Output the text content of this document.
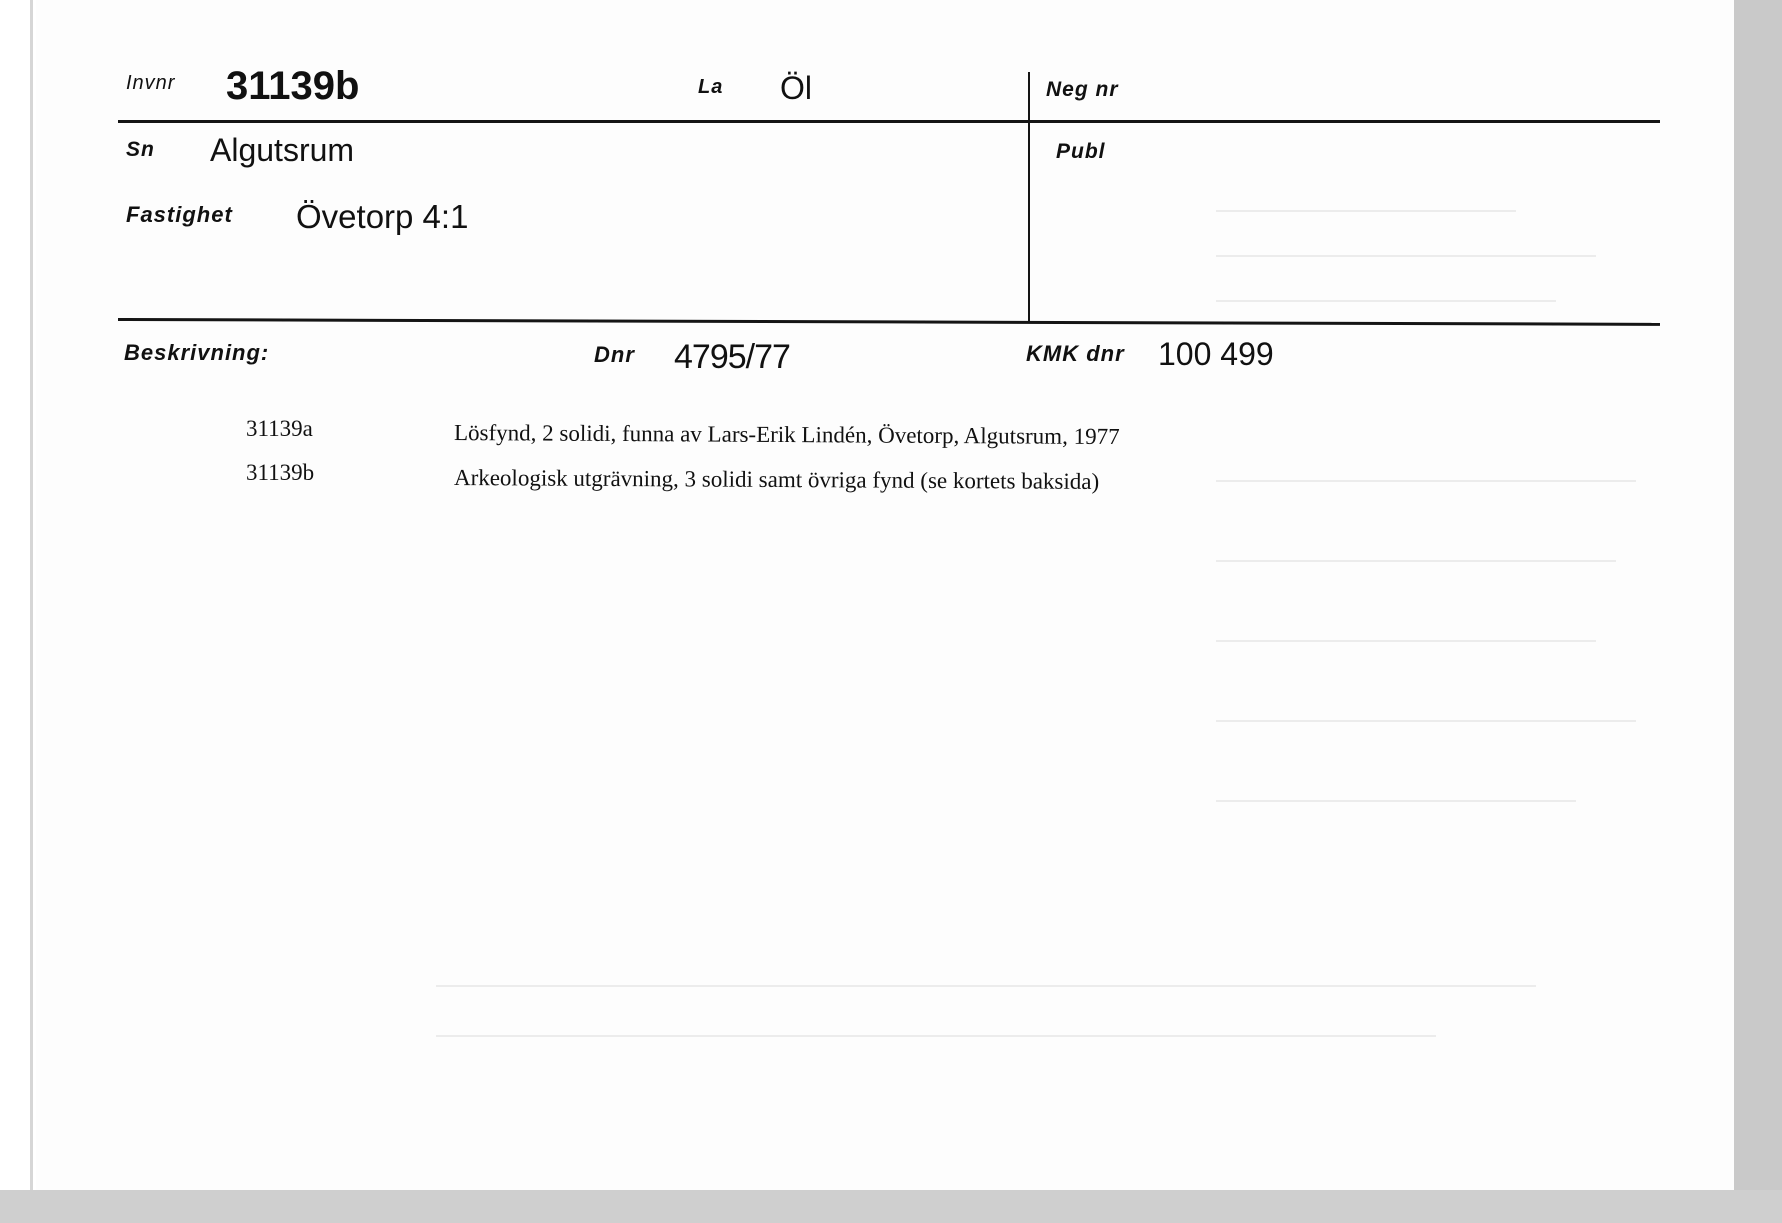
Invnr 31139b	La Öl	Neg nr
Sn Algutsrum	Publ
Fastighet Övetorp 4:1
Beskrivning:	Dnr 4795/77	KMK dnr 100 499
31139a	Lösfynd, 2 solidi, funna av Lars-Erik Lindén, Övetorp, Algutsrum, 1977
31139b	Arkeologisk utgrävning, 3 solidi samt övriga fynd (se kortets baksida)
